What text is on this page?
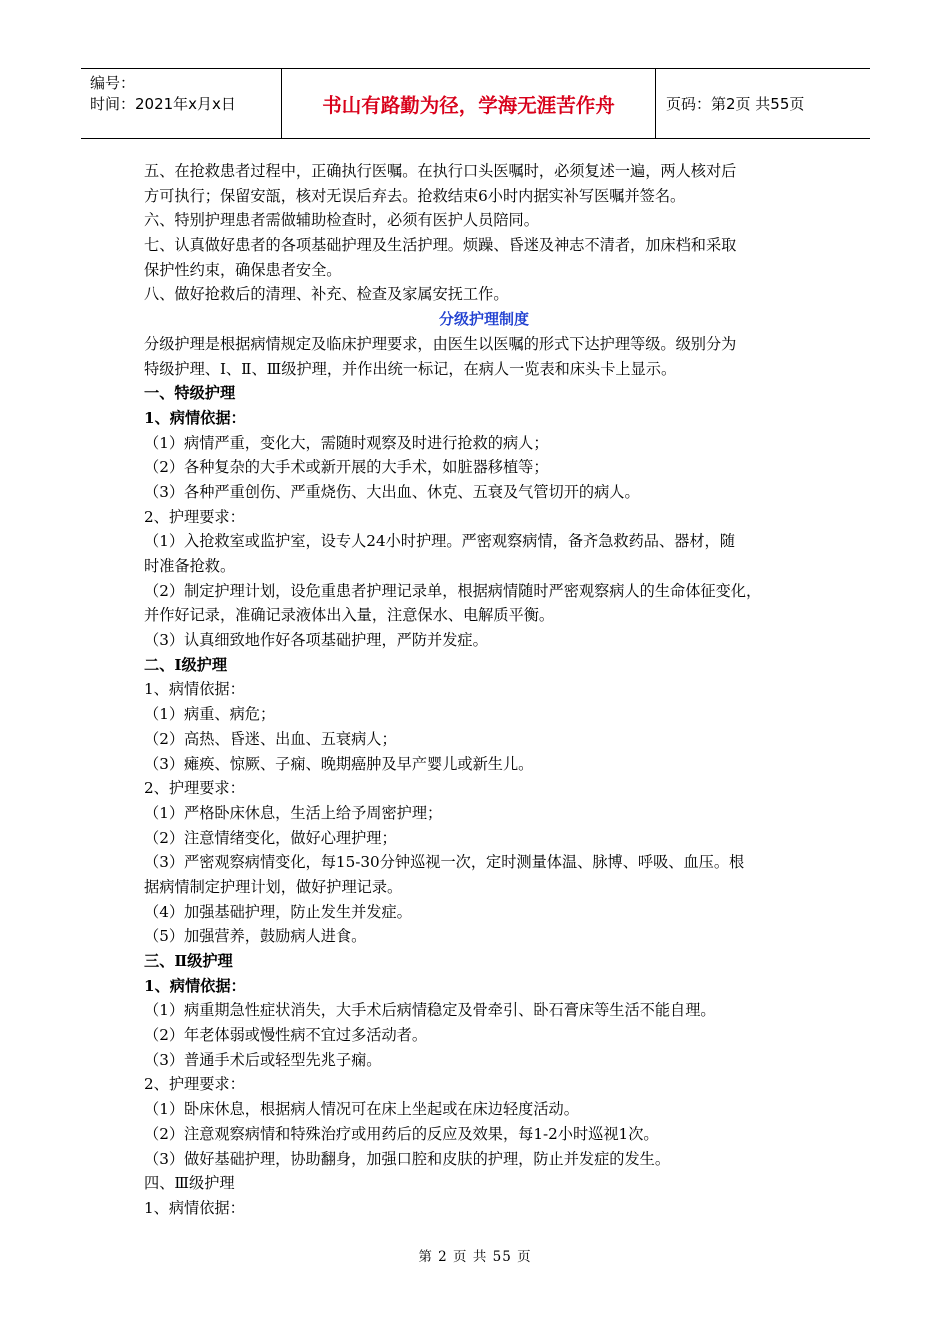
编号：
时间：2021年x月x日	书山有路勤为径，学海无涯苦作舟	页码：第2页 共55页
五、在抢救患者过程中，正确执行医嘱。在执行口头医嘱时，必须复述一遍，两人核对后
方可执行；保留安瓿，核对无误后弃去。抢救结束6小时内据实补写医嘱并签名。
六、特别护理患者需做辅助检查时，必须有医护人员陪同。
七、认真做好患者的各项基础护理及生活护理。烦躁、昏迷及神志不清者，加床档和采取
保护性约束，确保患者安全。
八、做好抢救后的清理、补充、检查及家属安抚工作。
分级护理制度
分级护理是根据病情规定及临床护理要求，由医生以医嘱的形式下达护理等级。级别分为
特级护理、Ⅰ、Ⅱ、Ⅲ级护理，并作出统一标记，在病人一览表和床头卡上显示。
一、特级护理
1、病情依据：
（1）病情严重，变化大，需随时观察及时进行抢救的病人；
（2）各种复杂的大手术或新开展的大手术，如脏器移植等；
（3）各种严重创伤、严重烧伤、大出血、休克、五衰及气管切开的病人。
2、护理要求：
（1）入抢救室或监护室，设专人24小时护理。严密观察病情，备齐急救药品、器材，随
时准备抢救。
（2）制定护理计划，设危重患者护理记录单，根据病情随时严密观察病人的生命体征变化，
并作好记录，准确记录液体出入量，注意保水、电解质平衡。
（3）认真细致地作好各项基础护理，严防并发症。
二、Ⅰ级护理
1、病情依据：
（1）病重、病危；
（2）高热、昏迷、出血、五衰病人；
（3）瘫痪、惊厥、子痫、晚期癌肿及早产婴儿或新生儿。
2、护理要求：
（1）严格卧床休息，生活上给予周密护理；
（2）注意情绪变化，做好心理护理；
（3）严密观察病情变化，每15-30分钟巡视一次，定时测量体温、脉博、呼吸、血压。根
据病情制定护理计划，做好护理记录。
（4）加强基础护理，防止发生并发症。
（5）加强营养，鼓励病人进食。
三、Ⅱ级护理
1、病情依据：
（1）病重期急性症状消失，大手术后病情稳定及骨牵引、卧石膏床等生活不能自理。
（2）年老体弱或慢性病不宜过多活动者。
（3）普通手术后或轻型先兆子痫。
2、护理要求：
（1）卧床休息，根据病人情况可在床上坐起或在床边轻度活动。
（2）注意观察病情和特殊治疗或用药后的反应及效果，每1-2小时巡视1次。
（3）做好基础护理，协助翻身，加强口腔和皮肤的护理，防止并发症的发生。
四、Ⅲ级护理
1、病情依据：
第 2 页 共 55 页
